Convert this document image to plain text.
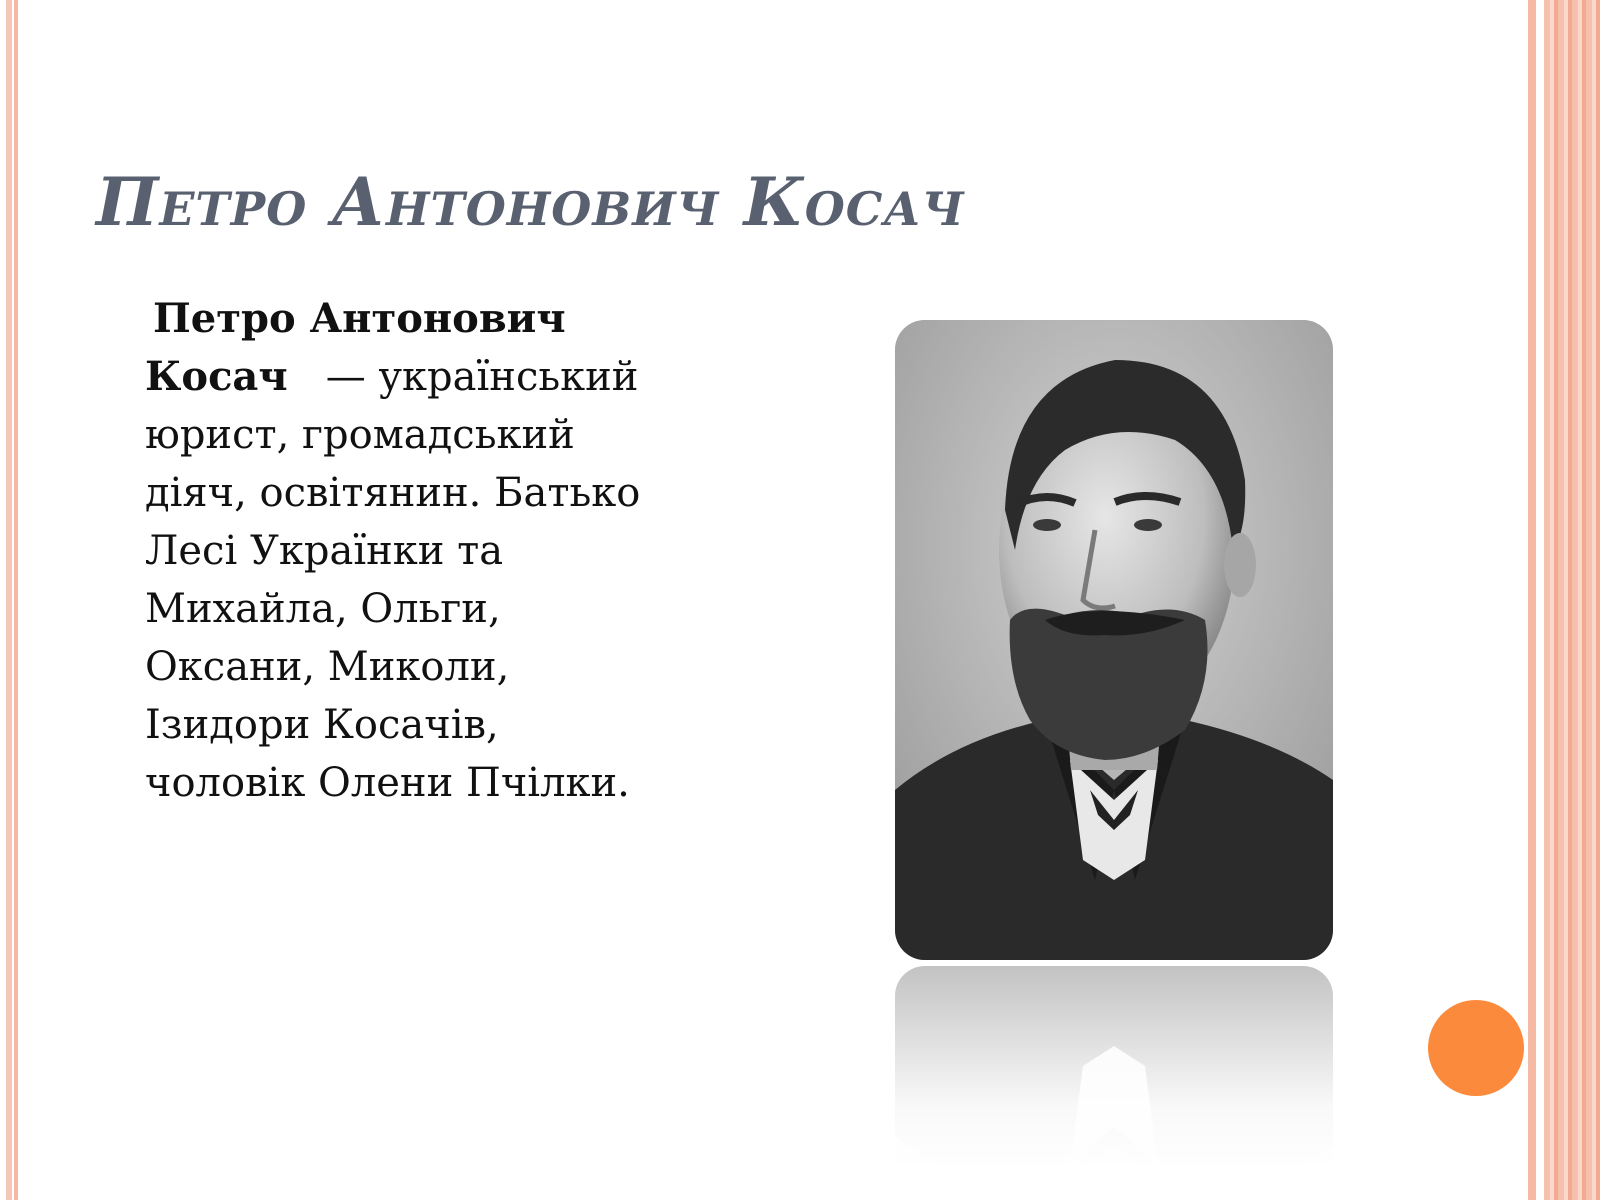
Петро Антонович Косач

Петро Антонович
Косач — український
юрист, громадський
діяч, освітянин. Батько
Лесі Українки та
Михайла, Ольги,
Оксани, Миколи,
Ізидори Косачів,
чоловік Олени Пчілки.
